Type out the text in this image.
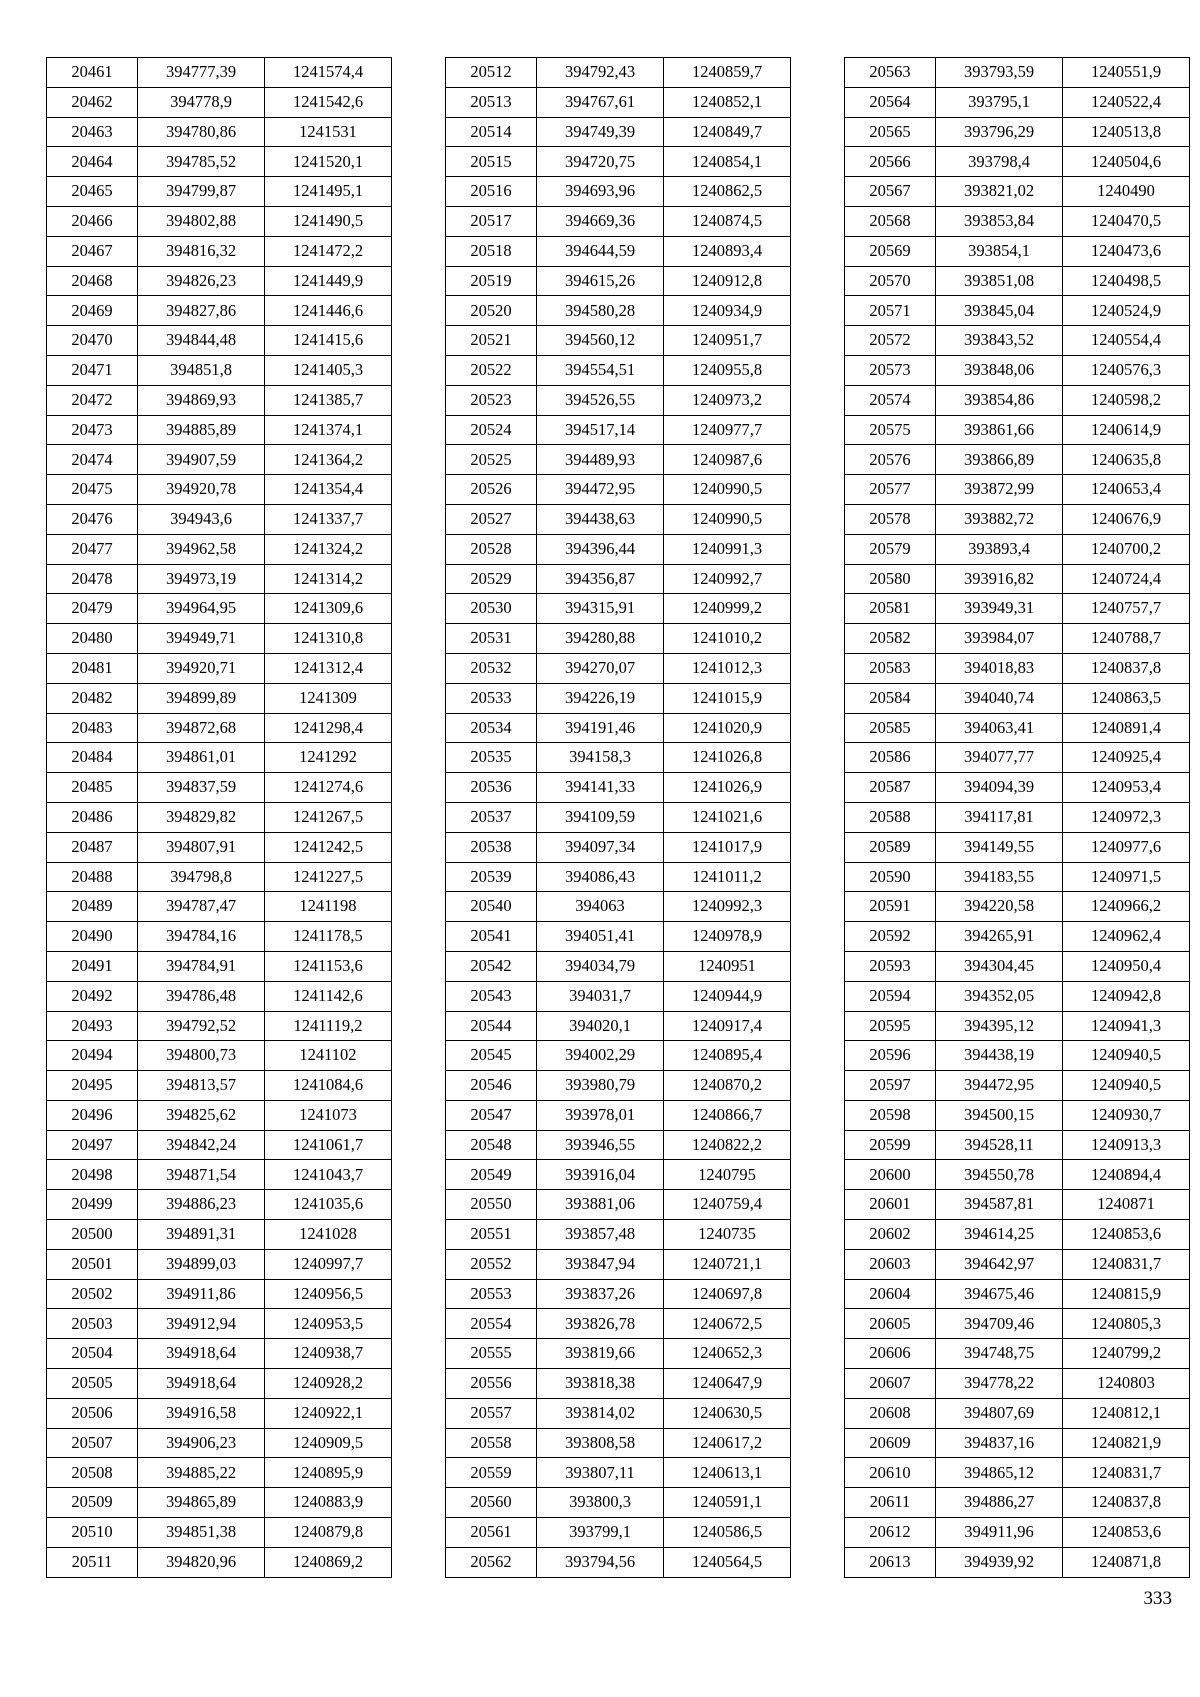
20461	394777,39	1241574,4
20462	394778,9	1241542,6
20463	394780,86	1241531
20464	394785,52	1241520,1
20465	394799,87	1241495,1
20466	394802,88	1241490,5
20467	394816,32	1241472,2
20468	394826,23	1241449,9
20469	394827,86	1241446,6
20470	394844,48	1241415,6
20471	394851,8	1241405,3
20472	394869,93	1241385,7
20473	394885,89	1241374,1
20474	394907,59	1241364,2
20475	394920,78	1241354,4
20476	394943,6	1241337,7
20477	394962,58	1241324,2
20478	394973,19	1241314,2
20479	394964,95	1241309,6
20480	394949,71	1241310,8
20481	394920,71	1241312,4
20482	394899,89	1241309
20483	394872,68	1241298,4
20484	394861,01	1241292
20485	394837,59	1241274,6
20486	394829,82	1241267,5
20487	394807,91	1241242,5
20488	394798,8	1241227,5
20489	394787,47	1241198
20490	394784,16	1241178,5
20491	394784,91	1241153,6
20492	394786,48	1241142,6
20493	394792,52	1241119,2
20494	394800,73	1241102
20495	394813,57	1241084,6
20496	394825,62	1241073
20497	394842,24	1241061,7
20498	394871,54	1241043,7
20499	394886,23	1241035,6
20500	394891,31	1241028
20501	394899,03	1240997,7
20502	394911,86	1240956,5
20503	394912,94	1240953,5
20504	394918,64	1240938,7
20505	394918,64	1240928,2
20506	394916,58	1240922,1
20507	394906,23	1240909,5
20508	394885,22	1240895,9
20509	394865,89	1240883,9
20510	394851,38	1240879,8
20511	394820,96	1240869,2
20512	394792,43	1240859,7
20513	394767,61	1240852,1
20514	394749,39	1240849,7
20515	394720,75	1240854,1
20516	394693,96	1240862,5
20517	394669,36	1240874,5
20518	394644,59	1240893,4
20519	394615,26	1240912,8
20520	394580,28	1240934,9
20521	394560,12	1240951,7
20522	394554,51	1240955,8
20523	394526,55	1240973,2
20524	394517,14	1240977,7
20525	394489,93	1240987,6
20526	394472,95	1240990,5
20527	394438,63	1240990,5
20528	394396,44	1240991,3
20529	394356,87	1240992,7
20530	394315,91	1240999,2
20531	394280,88	1241010,2
20532	394270,07	1241012,3
20533	394226,19	1241015,9
20534	394191,46	1241020,9
20535	394158,3	1241026,8
20536	394141,33	1241026,9
20537	394109,59	1241021,6
20538	394097,34	1241017,9
20539	394086,43	1241011,2
20540	394063	1240992,3
20541	394051,41	1240978,9
20542	394034,79	1240951
20543	394031,7	1240944,9
20544	394020,1	1240917,4
20545	394002,29	1240895,4
20546	393980,79	1240870,2
20547	393978,01	1240866,7
20548	393946,55	1240822,2
20549	393916,04	1240795
20550	393881,06	1240759,4
20551	393857,48	1240735
20552	393847,94	1240721,1
20553	393837,26	1240697,8
20554	393826,78	1240672,5
20555	393819,66	1240652,3
20556	393818,38	1240647,9
20557	393814,02	1240630,5
20558	393808,58	1240617,2
20559	393807,11	1240613,1
20560	393800,3	1240591,1
20561	393799,1	1240586,5
20562	393794,56	1240564,5
20563	393793,59	1240551,9
20564	393795,1	1240522,4
20565	393796,29	1240513,8
20566	393798,4	1240504,6
20567	393821,02	1240490
20568	393853,84	1240470,5
20569	393854,1	1240473,6
20570	393851,08	1240498,5
20571	393845,04	1240524,9
20572	393843,52	1240554,4
20573	393848,06	1240576,3
20574	393854,86	1240598,2
20575	393861,66	1240614,9
20576	393866,89	1240635,8
20577	393872,99	1240653,4
20578	393882,72	1240676,9
20579	393893,4	1240700,2
20580	393916,82	1240724,4
20581	393949,31	1240757,7
20582	393984,07	1240788,7
20583	394018,83	1240837,8
20584	394040,74	1240863,5
20585	394063,41	1240891,4
20586	394077,77	1240925,4
20587	394094,39	1240953,4
20588	394117,81	1240972,3
20589	394149,55	1240977,6
20590	394183,55	1240971,5
20591	394220,58	1240966,2
20592	394265,91	1240962,4
20593	394304,45	1240950,4
20594	394352,05	1240942,8
20595	394395,12	1240941,3
20596	394438,19	1240940,5
20597	394472,95	1240940,5
20598	394500,15	1240930,7
20599	394528,11	1240913,3
20600	394550,78	1240894,4
20601	394587,81	1240871
20602	394614,25	1240853,6
20603	394642,97	1240831,7
20604	394675,46	1240815,9
20605	394709,46	1240805,3
20606	394748,75	1240799,2
20607	394778,22	1240803
20608	394807,69	1240812,1
20609	394837,16	1240821,9
20610	394865,12	1240831,7
20611	394886,27	1240837,8
20612	394911,96	1240853,6
20613	394939,92	1240871,8
333
